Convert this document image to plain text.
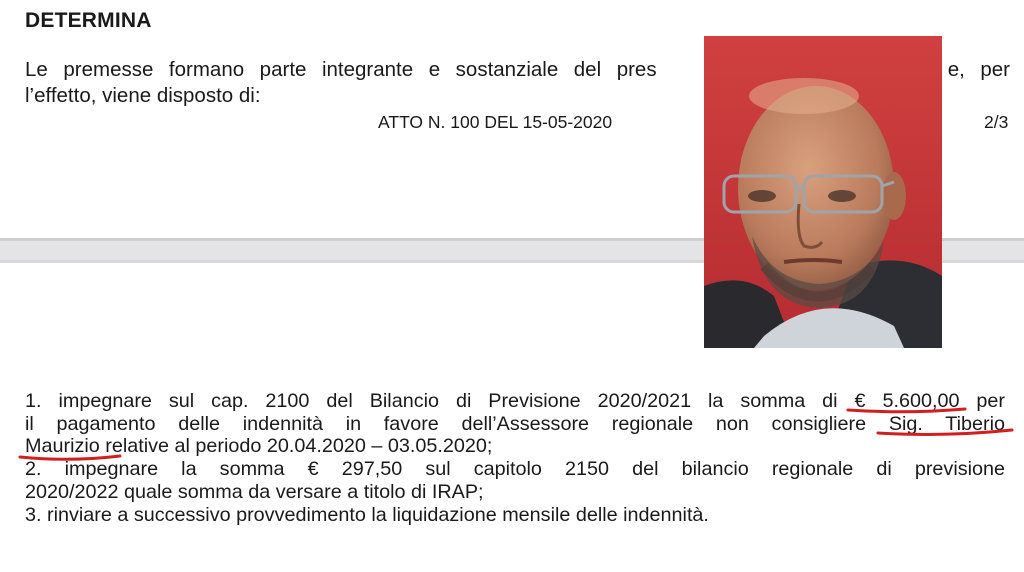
DETERMINA
Le premesse formano parte integrante e sostanziale del pres	e, per
l’effetto, viene disposto di:
ATTO N. 100 DEL 15-05-2020	2/3
1. impegnare sul cap. 2100 del Bilancio di Previsione 2020/2021 la somma di € 5.600,00 per
il pagamento delle indennità in favore dell’Assessore regionale non consigliere Sig. Tiberio
Maurizio relative al periodo 20.04.2020 – 03.05.2020;
2. impegnare la somma € 297,50 sul capitolo 2150 del bilancio regionale di previsione
2020/2022 quale somma da versare a titolo di IRAP;
3. rinviare a successivo provvedimento la liquidazione mensile delle indennità.
